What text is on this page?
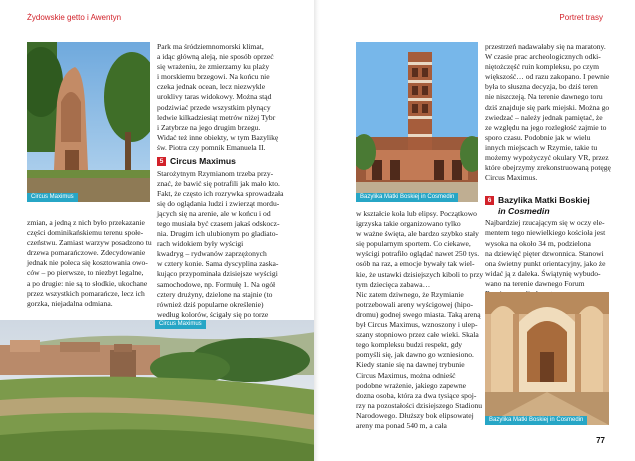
Żydowskie getto i Awentyn
Circus Maximus

Park ma śródziemnomorski klimat,

a idąc główną aleją, nie sposób oprzeć

się wrażeniu, że zmierzamy ku plaży

i morskiemu brzegowi. Na końcu nie

czeka jednak ocean, lecz niezwykle

uroklivy taras widokowy. Można stąd

podziwiać przede wszystkim płynący

ledwie kilkadziesiąt metrów niżej Tybr

i Zatybrze na jego drugim brzegu.

Widać też inne obiekty, w tym Bazylikę

św. Piotra czy pomnik Emanuela II.

5 Circus Maximus

Starożytnym Rzymianom trzeba przy-

znać, że bawić się potrafili jak mało kto.

Fakt, że często ich rozrywka sprowadzała

się do oglądania ludzi i zwierząt mordu-

jących się na arenie, ale w końcu i od

tego musiała być czasem jakaś odskocz-

nia. Drugim ich ulubionym po gladiato-

rach widokiem były wyścigi

kwadryg – rydwanów zaprzężonych

w cztery konie. Sama dyscyplina zaska-

kująco przypominała dzisiejsze wyścigi

samochodowe, np. Formułę 1. Na ogół

cztery drużyny, dzielone na stajnie (to

również dziś popularne określenie)

według kolorów, ścigały się po torze

zmian, a jedną z nich było przekazanie

części dominikańskiemu terenu społe-

czeństwu. Zamiast warzyw posadzono tu

drzewa pomarańczowe. Zdecydowanie

jednak nie poleca się kosztowania owo-

ców – po pierwsze, to niezbyt legalne,

a po drugie: nie są to słodkie, ukochane

przez wszystkich pomarańcze, lecz ich

gorzka, niejadalna odmiana.

Circus Maximus
Portret trasy
Bazylika Matki Boskiej in Cosmedin

w kształcie koła lub elipsy. Początkowo

igrzyska takie organizowano tylko

w ważne święta, ale bardzo szybko stały

się popularnym sportem. Co ciekawe,

wyścigi potrafiło oglądać nawet 250 tys.

osób na raz, a emocje bywały tak wiel-

kie, że ustawki dzisiejszych kiboli to przy

tym dziecięca zabawa…

Nic zatem dziwnego, że Rzymianie

potrzebowali areny wyścigowej (hipo-

dromu) godnej swego miasta. Taką areną

był Circus Maximus, wznoszony i ulep-

szany stopniowo przez całe wieki. Skala

tego kompleksu budzi respekt, gdy

pomyśli się, jak dawno go wzniesiono.

Kiedy stanie się na dawnej trybunie

Circus Maximus, można odnieść

podobne wrażenie, jakiego zapewne

dozna osoba, która za dwa tysiące spoj-

rzy na pozostałości dzisiejszego Stadionu

Narodowego. Dłuższy bok elipsowatej

areny ma ponad 540 m, a cała

przestrzeń nadawałaby się na maratony.

W czasie prac archeologicznych odki-

niętożczęść ruin kompleksu, po czym

większość… od razu zakopano. I pewnie

była to słuszna decyzja, bo dziś teren

nie niszczeją. Na terenie dawnego toru

dziś znajduje się park miejski. Można go

zwiedzać – należy jednak pamiętać, że

ze względu na jego rozległość zajmie to

sporo czasu. Podobnie jak w wielu

innych miejscach w Rzymie, takie tu

możemy wypożyczyć okulary VR, przez

które obejrzymy zrekonstruowaną potęgę

Circus Maximus.

6 Bazylika Matki Boskiej
in Cosmedin

Najbardziej rzucającym się w oczy ele-

mentem tego niewielkiego kościoła jest

wysoka na około 34 m, podzielona

na dziewięć pięter dzwonnica. Stanowi

ona świetny punkt orientacyjny, jako że

widać ją z daleka. Świątynię wybudo-

wano na terenie dawnego Forum

Bazylika Matki Boskiej in Cosmedin
77
